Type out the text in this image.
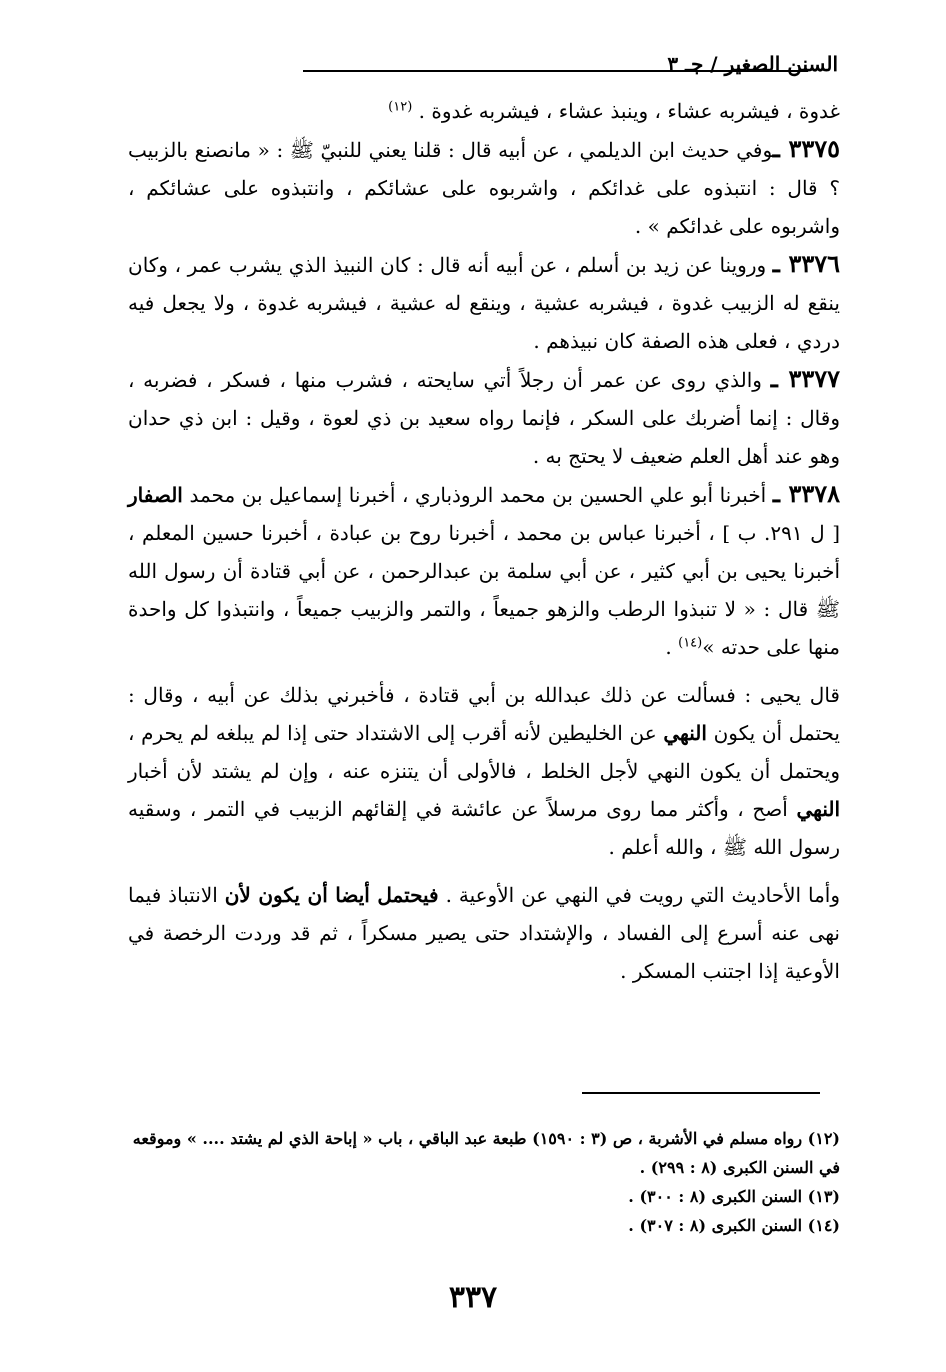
السنن الصغير / جـ ٣

غدوة ، فيشربه عشاء ، وينبذ عشاء ، فيشربه غدوة . $^{(١٢)}$

٣٣٧٥ ـوفي حديث ابن الديلمي ، عن أبيه قال : قلنا يعني للنبيّ ﷺ : « مانصنع بالزبيب ؟ قال : انتبذوه على غدائكم ، واشربوه على عشائكم ، وانتبذوه على عشائكم ، واشربوه على غدائكم » .

٣٣٧٦ ـ وروينا عن زيد بن أسلم ، عن أبيه أنه قال : كان النبيذ الذي يشرب عمر ، وكان ينقع له الزبيب غدوة ، فيشربه عشية ، وينقع له عشية ، فيشربه غدوة ، ولا يجعل فيه دردي ، فعلى هذه الصفة كان نبيذهم .

٣٣٧٧ ـ والذي روى عن عمر أن رجلاً أتي سايحته ، فشرب منها ، فسكر ، فضربه ، وقال : إنما أضربك على السكر ، فإنما رواه سعيد بن ذي لعوة ، وقيل : ابن ذي حدان وهو عند أهل العلم ضعيف لا يحتج به .

٣٣٧٨ ـ أخبرنا أبو علي الحسين بن محمد الروذباري ، أخبرنا إسماعيل بن محمد الصفار [ ل ٢٩١. ب ] ، أخبرنا عباس بن محمد ، أخبرنا روح بن عبادة ، أخبرنا حسين المعلم ، أخبرنا يحيى بن أبي كثير ، عن أبي سلمة بن عبدالرحمن ، عن أبي قتادة أن رسول الله ﷺ قال : « لا تنبذوا الرطب والزهو جميعاً ، والتمر والزبيب جميعاً ، وانتبذوا كل واحدة منها على حدته »$^{(١٤)}$ .

قال يحيى : فسألت عن ذلك عبدالله بن أبي قتادة ، فأخبرني بذلك عن أبيه ، وقال : يحتمل أن يكون النهي عن الخليطين لأنه أقرب إلى الاشتداد حتى إذا لم يبلغه لم يحرم ، ويحتمل أن يكون النهي لأجل الخلط ، فالأولى أن يتنزه عنه ، وإن لم يشتد لأن أخبار النهي أصح ، وأكثر مما روى مرسلاً عن عائشة في إلقائهم الزبيب في التمر ، وسقيه رسول الله ﷺ ، والله أعلم .

وأما الأحاديث التي رويت في النهي عن الأوعية . فيحتمل أيضا أن يكون لأن الانتباذ فيما نهى عنه أسرع إلى الفساد ، والإشتداد حتى يصير مسكراً ، ثم قد وردت الرخصة في الأوعية إذا اجتنب المسكر .

(١٢) رواه مسلم في الأشربة ، ص (٣ : ١٥٩٠) طبعة عبد الباقي ، باب « إباحة الذي لم يشتد .... » وموقعه في السنن الكبرى (٨ : ٢٩٩) .

(١٣) السنن الكبرى (٨ : ٣٠٠) .

(١٤) السنن الكبرى (٨ : ٣٠٧) .

٣٣٧
